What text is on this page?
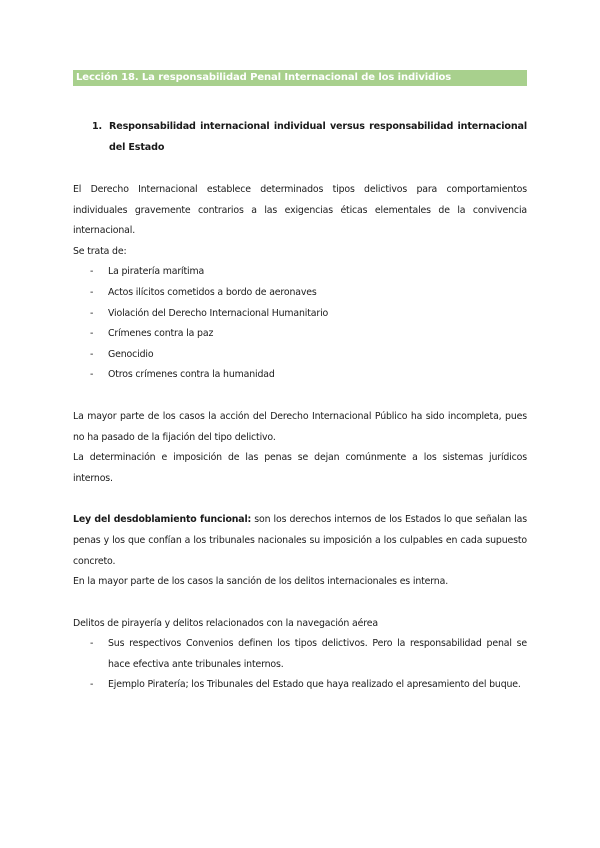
Lección 18. La responsabilidad Penal Internacional de los individios
1. Responsabilidad internacional individual versus responsabilidad internacional del Estado

El Derecho Internacional establece determinados tipos delictivos para comportamientos individuales gravemente contrarios a las exigencias éticas elementales de la convivencia internacional.

Se trata de:

-	La piratería marítima
-	Actos ilícitos cometidos a bordo de aeronaves
-	Violación del Derecho Internacional Humanitario
-	Crímenes contra la paz
-	Genocidio
-	Otros crímenes contra la humanidad

La mayor parte de los casos la acción del Derecho Internacional Público ha sido incompleta, pues no ha pasado de la fijación del tipo delictivo.

La determinación e imposición de las penas se dejan comúnmente a los sistemas jurídicos internos.

Ley del desdoblamiento funcional: son los derechos internos de los Estados lo que señalan las penas y los que confían a los tribunales nacionales su imposición a los culpables en cada supuesto concreto.

En la mayor parte de los casos la sanción de los delitos internacionales es interna.

Delitos de pirayería y delitos relacionados con la navegación aérea

-	Sus respectivos Convenios definen los tipos delictivos. Pero la responsabilidad penal se hace efectiva ante tribunales internos.
-	Ejemplo Piratería; los Tribunales del Estado que haya realizado el apresamiento del buque.
